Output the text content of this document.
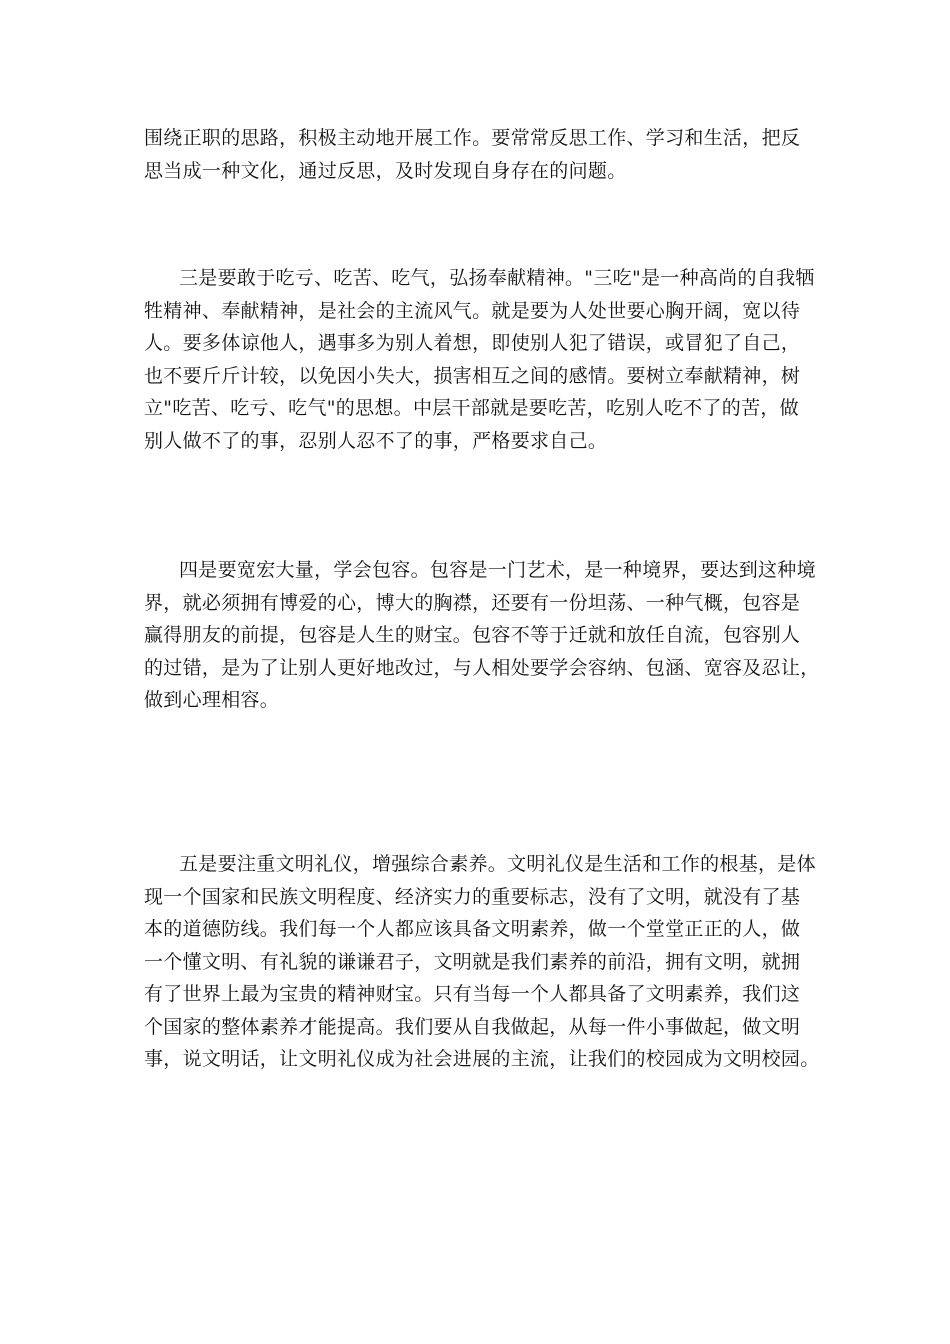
围绕正职的思路，积极主动地开展工作。要常常反思工作、学习和生活，把反
思当成一种文化，通过反思，及时发现自身存在的问题。
三是要敢于吃亏、吃苦、吃气，弘扬奉献精神。"三吃"是一种高尚的自我牺
牲精神、奉献精神，是社会的主流风气。就是要为人处世要心胸开阔，宽以待
人。要多体谅他人，遇事多为别人着想，即使别人犯了错误，或冒犯了自己，
也不要斤斤计较，以免因小失大，损害相互之间的感情。要树立奉献精神，树
立"吃苦、吃亏、吃气"的思想。中层干部就是要吃苦，吃别人吃不了的苦，做
别人做不了的事，忍别人忍不了的事，严格要求自己。
四是要宽宏大量，学会包容。包容是一门艺术，是一种境界，要达到这种境
界，就必须拥有博爱的心，博大的胸襟，还要有一份坦荡、一种气概，包容是
赢得朋友的前提，包容是人生的财宝。包容不等于迁就和放任自流，包容别人
的过错，是为了让别人更好地改过，与人相处要学会容纳、包涵、宽容及忍让，
做到心理相容。
五是要注重文明礼仪，增强综合素养。文明礼仪是生活和工作的根基，是体
现一个国家和民族文明程度、经济实力的重要标志，没有了文明，就没有了基
本的道德防线。我们每一个人都应该具备文明素养，做一个堂堂正正的人，做
一个懂文明、有礼貌的谦谦君子，文明就是我们素养的前沿，拥有文明，就拥
有了世界上最为宝贵的精神财宝。只有当每一个人都具备了文明素养，我们这
个国家的整体素养才能提高。我们要从自我做起，从每一件小事做起，做文明
事，说文明话，让文明礼仪成为社会进展的主流，让我们的校园成为文明校园。
